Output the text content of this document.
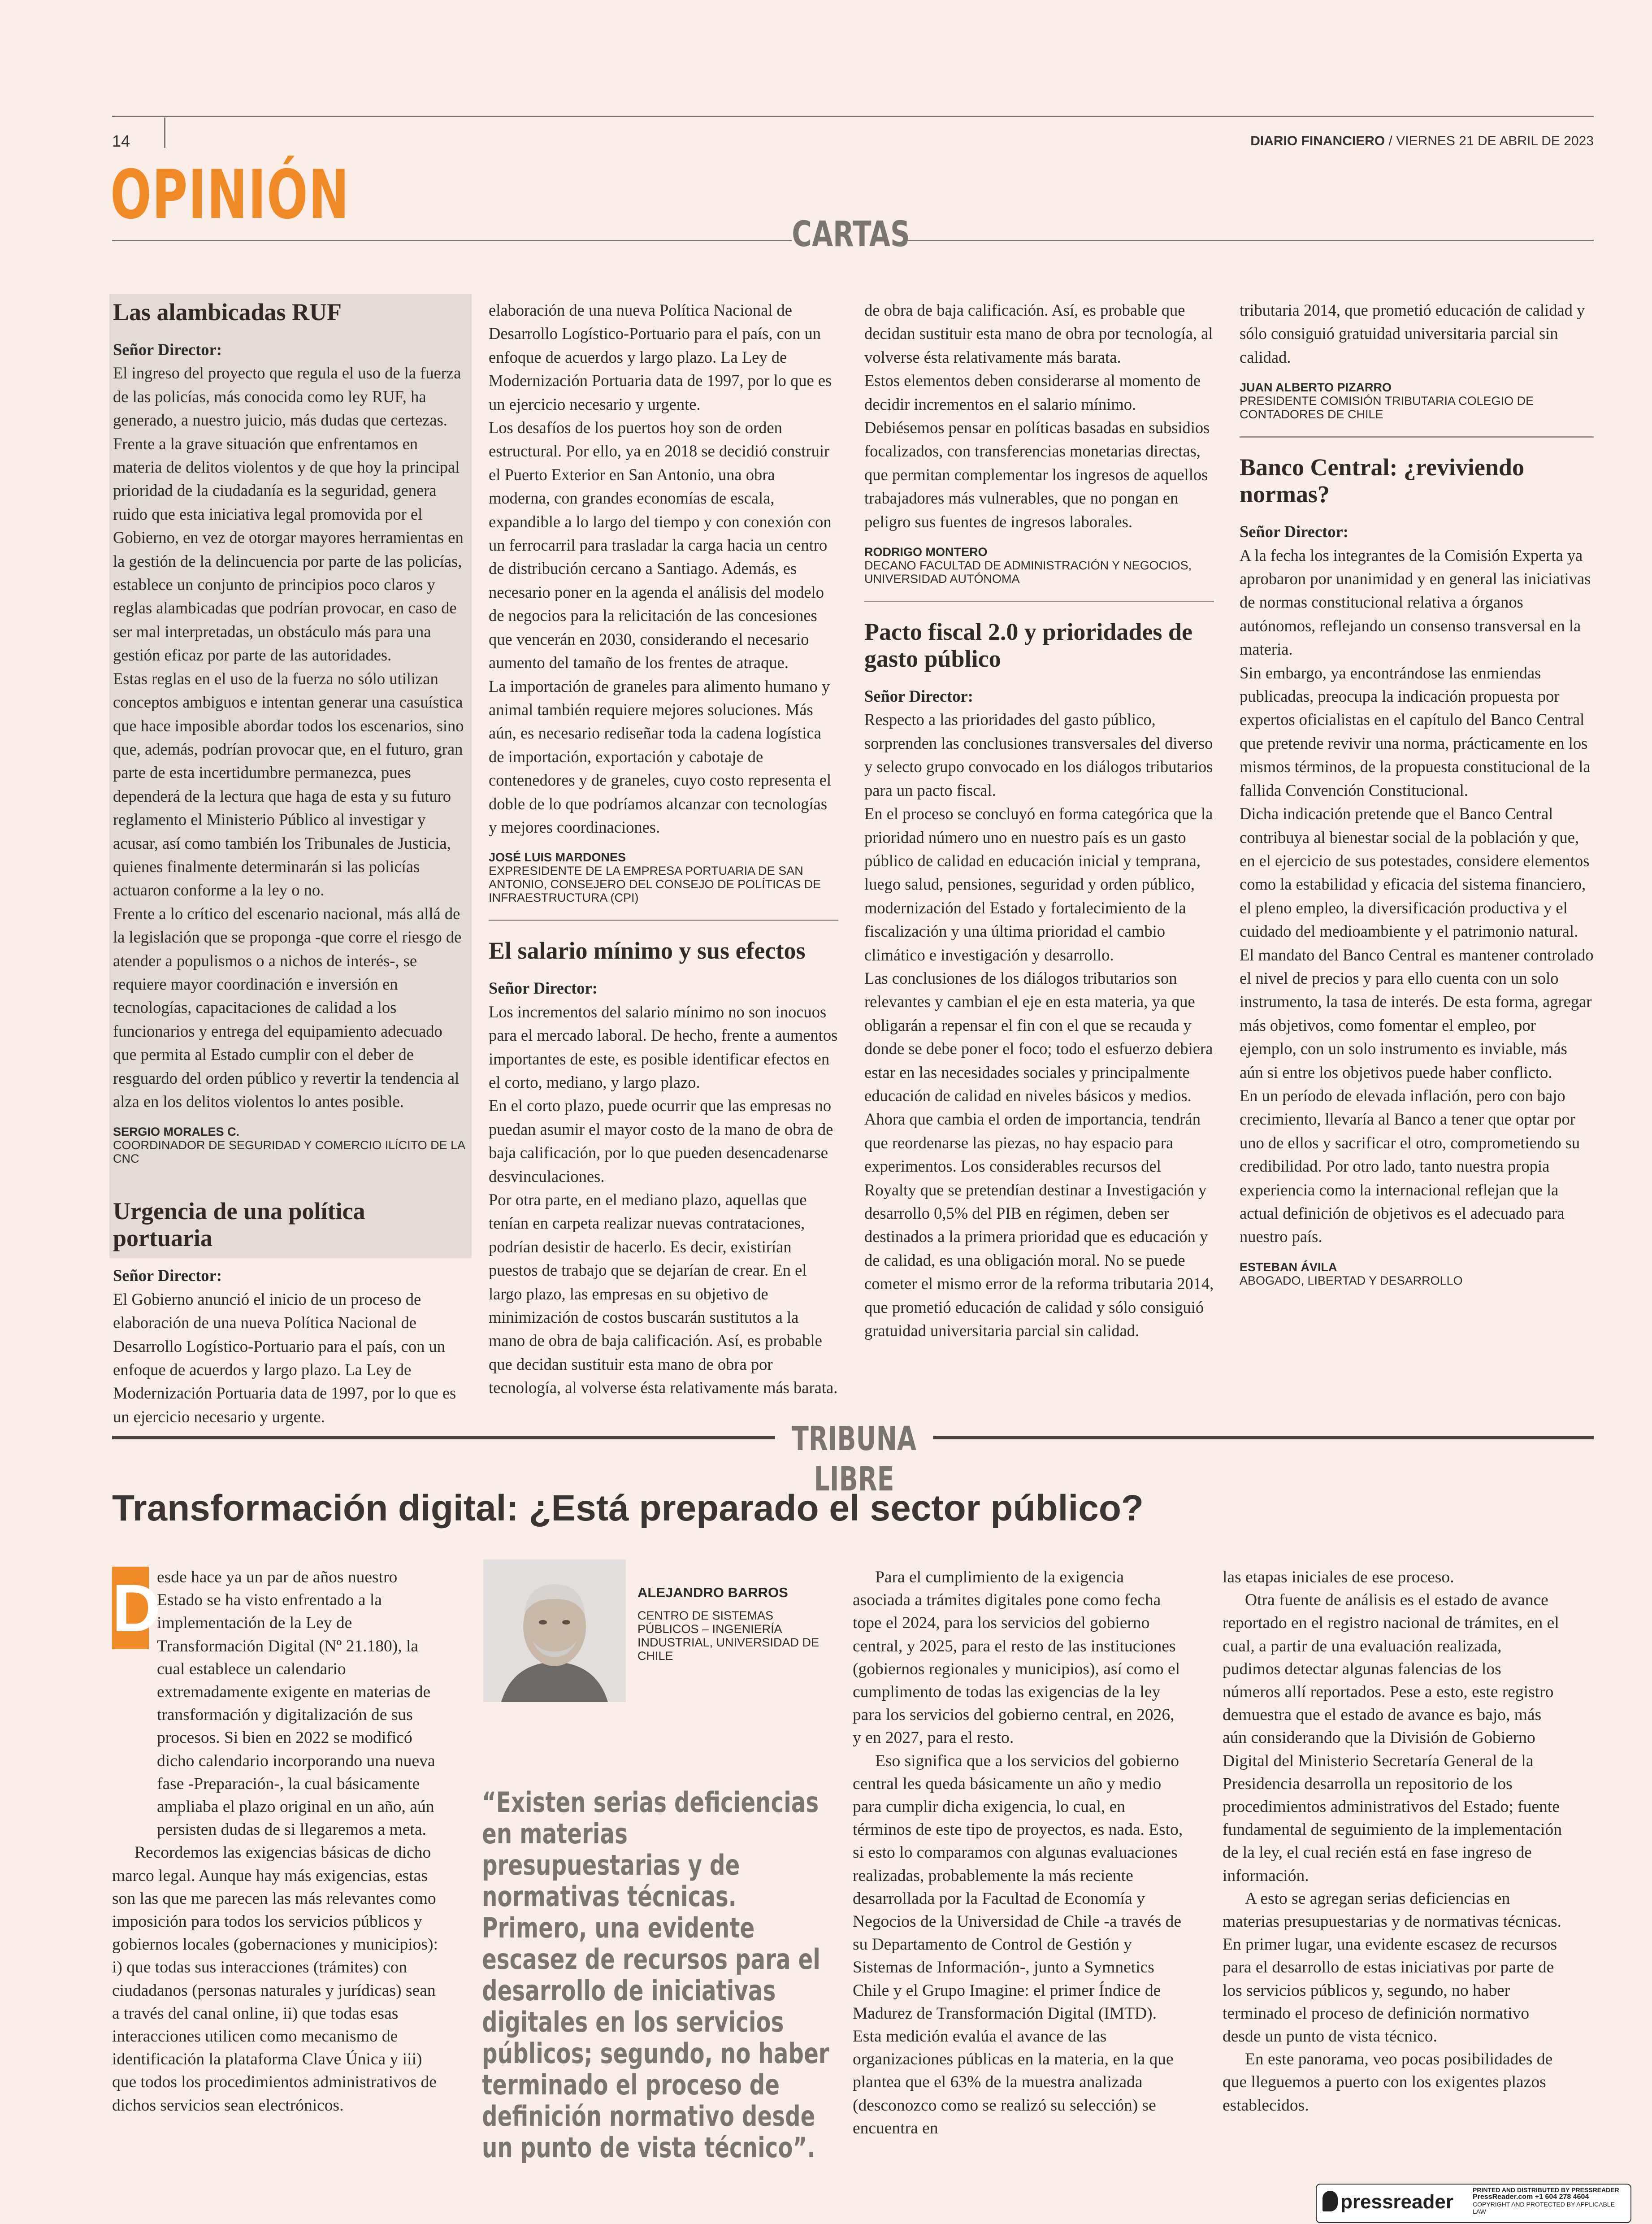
14	DIARIO FINANCIERO / VIERNES 21 DE ABRIL DE 2023
OPINIÓN
CARTAS
Las alambicadas RUF

Señor Director:

El ingreso del proyecto que regula el uso de la fuerza de las policías, más conocida como ley RUF, ha generado, a nuestro juicio, más dudas que certezas.

Frente a la grave situación que enfrentamos en materia de delitos violentos y de que hoy la principal prioridad de la ciudadanía es la seguridad, genera ruido que esta iniciativa legal promovida por el Gobierno, en vez de otorgar mayores herramientas en la gestión de la delincuencia por parte de las policías, establece un conjunto de principios poco claros y reglas alambicadas que podrían provocar, en caso de ser mal interpretadas, un obstáculo más para una gestión eficaz por parte de las autoridades.

Estas reglas en el uso de la fuerza no sólo utilizan conceptos ambiguos e intentan generar una casuística que hace imposible abordar todos los escenarios, sino que, además, podrían provocar que, en el futuro, gran parte de esta incertidumbre permanezca, pues dependerá de la lectura que haga de esta y su futuro reglamento el Ministerio Público al investigar y acusar, así como también los Tribunales de Justicia, quienes finalmente determinarán si las policías actuaron conforme a la ley o no.

Frente a lo crítico del escenario nacional, más allá de la legislación que se proponga -que corre el riesgo de atender a populismos o a nichos de interés-, se requiere mayor coordinación e inversión en tecnologías, capacitaciones de calidad a los funcionarios y entrega del equipamiento adecuado que permita al Estado cumplir con el deber de resguardo del orden público y revertir la tendencia al alza en los delitos violentos lo antes posible.

SERGIO MORALES C.

COORDINADOR DE SEGURIDAD Y COMERCIO ILÍCITO DE LA CNC

Urgencia de una política portuaria

Señor Director:

El Gobierno anunció el inicio de un proceso de elaboración de una nueva Política Nacional de Desarrollo Logístico-Portuario para el país, con un enfoque de acuerdos y largo plazo. La Ley de Modernización Portuaria data de 1997, por lo que es un ejercicio necesario y urgente.

elaboración de una nueva Política Nacional de Desarrollo Logístico-Portuario para el país, con un enfoque de acuerdos y largo plazo. La Ley de Modernización Portuaria data de 1997, por lo que es un ejercicio necesario y urgente.

Los desafíos de los puertos hoy son de orden estructural. Por ello, ya en 2018 se decidió construir el Puerto Exterior en San Antonio, una obra moderna, con grandes economías de escala, expandible a lo largo del tiempo y con conexión con un ferrocarril para trasladar la carga hacia un centro de distribución cercano a Santiago. Además, es necesario poner en la agenda el análisis del modelo de negocios para la relicitación de las concesiones que vencerán en 2030, considerando el necesario aumento del tamaño de los frentes de atraque.

La importación de graneles para alimento humano y animal también requiere mejores soluciones. Más aún, es necesario rediseñar toda la cadena logística de importación, exportación y cabotaje de contenedores y de graneles, cuyo costo representa el doble de lo que podríamos alcanzar con tecnologías y mejores coordinaciones.

JOSÉ LUIS MARDONES

EXPRESIDENTE DE LA EMPRESA PORTUARIA DE SAN ANTONIO, CONSEJERO DEL CONSEJO DE POLÍTICAS DE INFRAESTRUCTURA (CPI)

El salario mínimo y sus efectos

Señor Director:

Los incrementos del salario mínimo no son inocuos para el mercado laboral. De hecho, frente a aumentos importantes de este, es posible identificar efectos en el corto, mediano, y largo plazo.

En el corto plazo, puede ocurrir que las empresas no puedan asumir el mayor costo de la mano de obra de baja calificación, por lo que pueden desencadenarse desvinculaciones.

Por otra parte, en el mediano plazo, aquellas que tenían en carpeta realizar nuevas contrataciones, podrían desistir de hacerlo. Es decir, existirían puestos de trabajo que se dejarían de crear. En el largo plazo, las empresas en su objetivo de minimización de costos buscarán sustitutos a la mano de obra de baja calificación. Así, es probable que decidan sustituir esta mano de obra por tecnología, al volverse ésta relativamente más barata.

de obra de baja calificación. Así, es probable que decidan sustituir esta mano de obra por tecnología, al volverse ésta relativamente más barata.

Estos elementos deben considerarse al momento de decidir incrementos en el salario mínimo. Debiésemos pensar en políticas basadas en subsidios focalizados, con transferencias monetarias directas, que permitan complementar los ingresos de aquellos trabajadores más vulnerables, que no pongan en peligro sus fuentes de ingresos laborales.

RODRIGO MONTERO

DECANO FACULTAD DE ADMINISTRACIÓN Y NEGOCIOS, UNIVERSIDAD AUTÓNOMA

Pacto fiscal 2.0 y prioridades de gasto público

Señor Director:

Respecto a las prioridades del gasto público, sorprenden las conclusiones transversales del diverso y selecto grupo convocado en los diálogos tributarios para un pacto fiscal.

En el proceso se concluyó en forma categórica que la prioridad número uno en nuestro país es un gasto público de calidad en educación inicial y temprana, luego salud, pensiones, seguridad y orden público, modernización del Estado y fortalecimiento de la fiscalización y una última prioridad el cambio climático e investigación y desarrollo.

Las conclusiones de los diálogos tributarios son relevantes y cambian el eje en esta materia, ya que obligarán a repensar el fin con el que se recauda y donde se debe poner el foco; todo el esfuerzo debiera estar en las necesidades sociales y principalmente educación de calidad en niveles básicos y medios.

Ahora que cambia el orden de importancia, tendrán que reordenarse las piezas, no hay espacio para experimentos. Los considerables recursos del Royalty que se pretendían destinar a Investigación y desarrollo 0,5% del PIB en régimen, deben ser destinados a la primera prioridad que es educación y de calidad, es una obligación moral. No se puede cometer el mismo error de la reforma tributaria 2014, que prometió educación de calidad y sólo consiguió gratuidad universitaria parcial sin calidad.

tributaria 2014, que prometió educación de calidad y sólo consiguió gratuidad universitaria parcial sin calidad.

JUAN ALBERTO PIZARRO

PRESIDENTE COMISIÓN TRIBUTARIA COLEGIO DE CONTADORES DE CHILE

Banco Central: ¿reviviendo normas?

Señor Director:

A la fecha los integrantes de la Comisión Experta ya aprobaron por unanimidad y en general las iniciativas de normas constitucional relativa a órganos autónomos, reflejando un consenso transversal en la materia.

Sin embargo, ya encontrándose las enmiendas publicadas, preocupa la indicación propuesta por expertos oficialistas en el capítulo del Banco Central que pretende revivir una norma, prácticamente en los mismos términos, de la propuesta constitucional de la fallida Convención Constitucional.

Dicha indicación pretende que el Banco Central contribuya al bienestar social de la población y que, en el ejercicio de sus potestades, considere elementos como la estabilidad y eficacia del sistema financiero, el pleno empleo, la diversificación productiva y el cuidado del medioambiente y el patrimonio natural.

El mandato del Banco Central es mantener controlado el nivel de precios y para ello cuenta con un solo instrumento, la tasa de interés. De esta forma, agregar más objetivos, como fomentar el empleo, por ejemplo, con un solo instrumento es inviable, más aún si entre los objetivos puede haber conflicto.

En un período de elevada inflación, pero con bajo crecimiento, llevaría al Banco a tener que optar por uno de ellos y sacrificar el otro, comprometiendo su credibilidad. Por otro lado, tanto nuestra propia experiencia como la internacional reflejan que la actual definición de objetivos es el adecuado para nuestro país.

ESTEBAN ÁVILA

ABOGADO, LIBERTAD Y DESARROLLO

TRIBUNA LIBRE
Transformación digital: ¿Está preparado el sector público?
D

esde hace ya un par de años nuestro Estado se ha visto enfrentado a la implementación de la Ley de Transformación Digital (Nº 21.180), la cual establece un calendario extremadamente exigente en materias de transformación y digitalización de sus procesos. Si bien en 2022 se modificó dicho calendario incorporando una nueva fase -Preparación-, la cual básicamente ampliaba el plazo original en un año, aún persisten dudas de si llegaremos a meta.

Recordemos las exigencias básicas de dicho marco legal. Aunque hay más exigencias, estas son las que me parecen las más relevantes como imposición para todos los servicios públicos y gobiernos locales (gobernaciones y municipios): i) que todas sus interacciones (trámites) con ciudadanos (personas naturales y jurídicas) sean a través del canal online, ii) que todas esas interacciones utilicen como mecanismo de identificación la plataforma Clave Única y iii) que todos los procedimientos administrativos de dichos servicios sean electrónicos.

ALEJANDRO BARROS
CENTRO DE SISTEMAS PÚBLICOS – INGENIERÍA INDUSTRIAL, UNIVERSIDAD DE CHILE
“Existen serias deficiencias en materias presupuestarias y de normativas técnicas. Primero, una evidente escasez de recursos para el desarrollo de iniciativas digitales en los servicios públicos; segundo, no haber terminado el proceso de definición normativo desde un punto de vista técnico”.

Para el cumplimiento de la exigencia asociada a trámites digitales pone como fecha tope el 2024, para los servicios del gobierno central, y 2025, para el resto de las instituciones (gobiernos regionales y municipios), así como el cumplimento de todas las exigencias de la ley para los servicios del gobierno central, en 2026, y en 2027, para el resto.

Eso significa que a los servicios del gobierno central les queda básicamente un año y medio para cumplir dicha exigencia, lo cual, en términos de este tipo de proyectos, es nada. Esto, si esto lo comparamos con algunas evaluaciones realizadas, probablemente la más reciente desarrollada por la Facultad de Economía y Negocios de la Universidad de Chile -a través de su Departamento de Control de Gestión y Sistemas de Información-, junto a Symnetics Chile y el Grupo Imagine: el primer Índice de Madurez de Transformación Digital (IMTD). Esta medición evalúa el avance de las organizaciones públicas en la materia, en la que plantea que el 63% de la muestra analizada (desconozco como se realizó su selección) se encuentra en

las etapas iniciales de ese proceso.

Otra fuente de análisis es el estado de avance reportado en el registro nacional de trámites, en el cual, a partir de una evaluación realizada, pudimos detectar algunas falencias de los números allí reportados. Pese a esto, este registro demuestra que el estado de avance es bajo, más aún considerando que la División de Gobierno Digital del Ministerio Secretaría General de la Presidencia desarrolla un repositorio de los procedimientos administrativos del Estado; fuente fundamental de seguimiento de la implementación de la ley, el cual recién está en fase ingreso de información.

A esto se agregan serias deficiencias en materias presupuestarias y de normativas técnicas. En primer lugar, una evidente escasez de recursos para el desarrollo de estas iniciativas por parte de los servicios públicos y, segundo, no haber terminado el proceso de definición normativo desde un punto de vista técnico.

En este panorama, veo pocas posibilidades de que lleguemos a puerto con los exigentes plazos establecidos.

pressreader
PRINTED AND DISTRIBUTED BY PRESSREADER
PressReader.com +1 604 278 4604
COPYRIGHT AND PROTECTED BY APPLICABLE LAW
